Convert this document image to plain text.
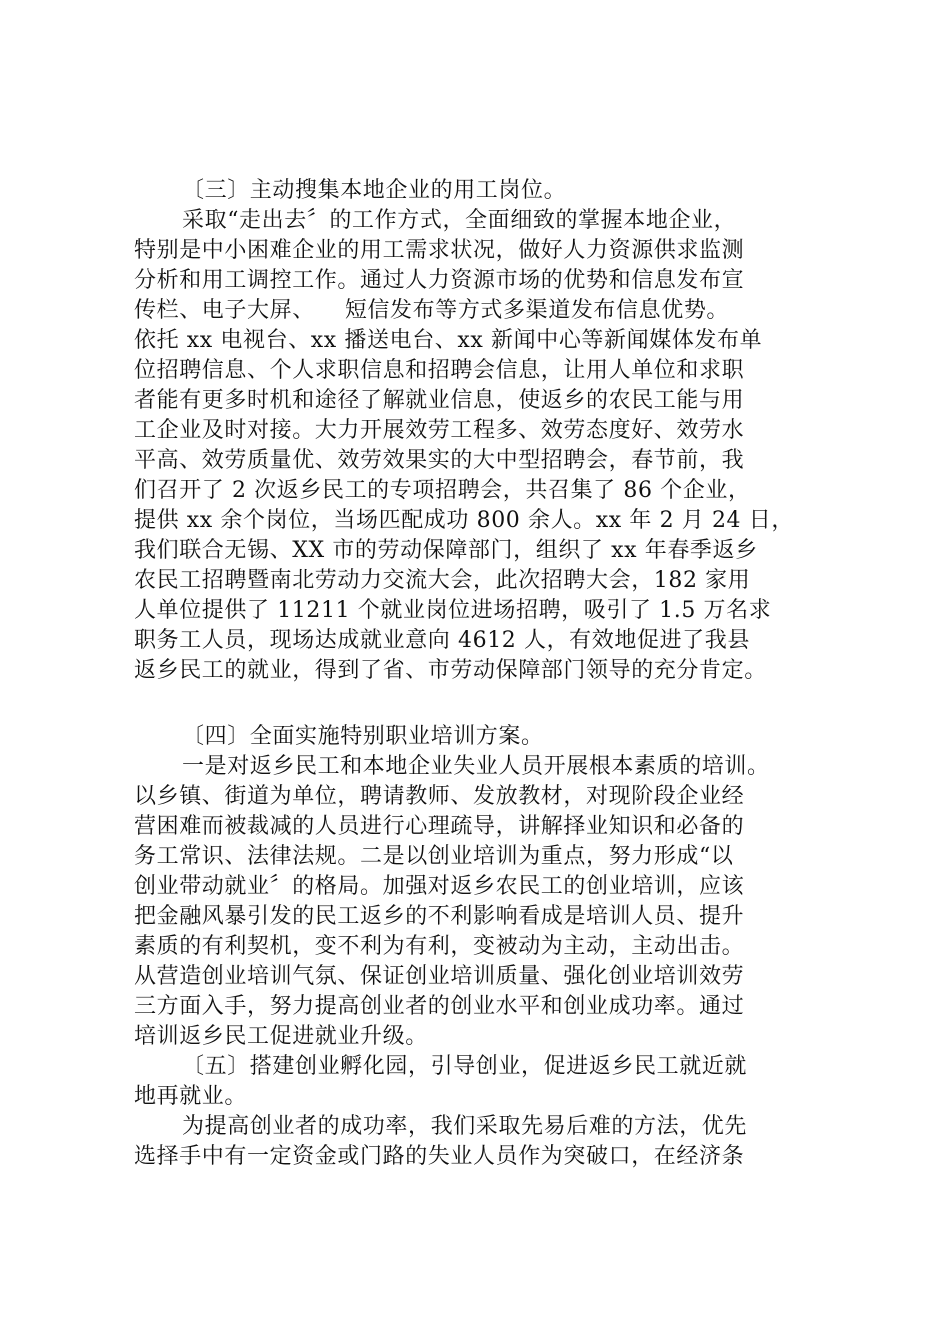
〔三〕主动搜集本地企业的用工岗位。
采取“走出去〞的工作方式，全面细致的掌握本地企业，
特别是中小困难企业的用工需求状况，做好人力资源供求监测
分析和用工调控工作。通过人力资源市场的优势和信息发布宣
传栏、电子大屏、 短信发布等方式多渠道发布信息优势。
依托 xx 电视台、xx 播送电台、xx 新闻中心等新闻媒体发布单
位招聘信息、个人求职信息和招聘会信息，让用人单位和求职
者能有更多时机和途径了解就业信息，使返乡的农民工能与用
工企业及时对接。大力开展效劳工程多、效劳态度好、效劳水
平高、效劳质量优、效劳效果实的大中型招聘会，春节前，我
们召开了 2 次返乡民工的专项招聘会，共召集了 86 个企业，
提供 xx 余个岗位，当场匹配成功 800 余人。xx 年 2 月 24 日，
我们联合无锡、XX 市的劳动保障部门，组织了 xx 年春季返乡
农民工招聘暨南北劳动力交流大会，此次招聘大会，182 家用
人单位提供了 11211 个就业岗位进场招聘，吸引了 1.5 万名求
职务工人员，现场达成就业意向 4612 人，有效地促进了我县
返乡民工的就业，得到了省、市劳动保障部门领导的充分肯定。
〔四〕全面实施特别职业培训方案。
一是对返乡民工和本地企业失业人员开展根本素质的培训。
以乡镇、街道为单位，聘请教师、发放教材，对现阶段企业经
营困难而被裁减的人员进行心理疏导，讲解择业知识和必备的
务工常识、法律法规。二是以创业培训为重点，努力形成“以
创业带动就业〞的格局。加强对返乡农民工的创业培训，应该
把金融风暴引发的民工返乡的不利影响看成是培训人员、提升
素质的有利契机，变不利为有利，变被动为主动，主动出击。
从营造创业培训气氛、保证创业培训质量、强化创业培训效劳
三方面入手，努力提高创业者的创业水平和创业成功率。通过
培训返乡民工促进就业升级。
〔五〕搭建创业孵化园，引导创业，促进返乡民工就近就
地再就业。
为提高创业者的成功率，我们采取先易后难的方法，优先
选择手中有一定资金或门路的失业人员作为突破口，在经济条
